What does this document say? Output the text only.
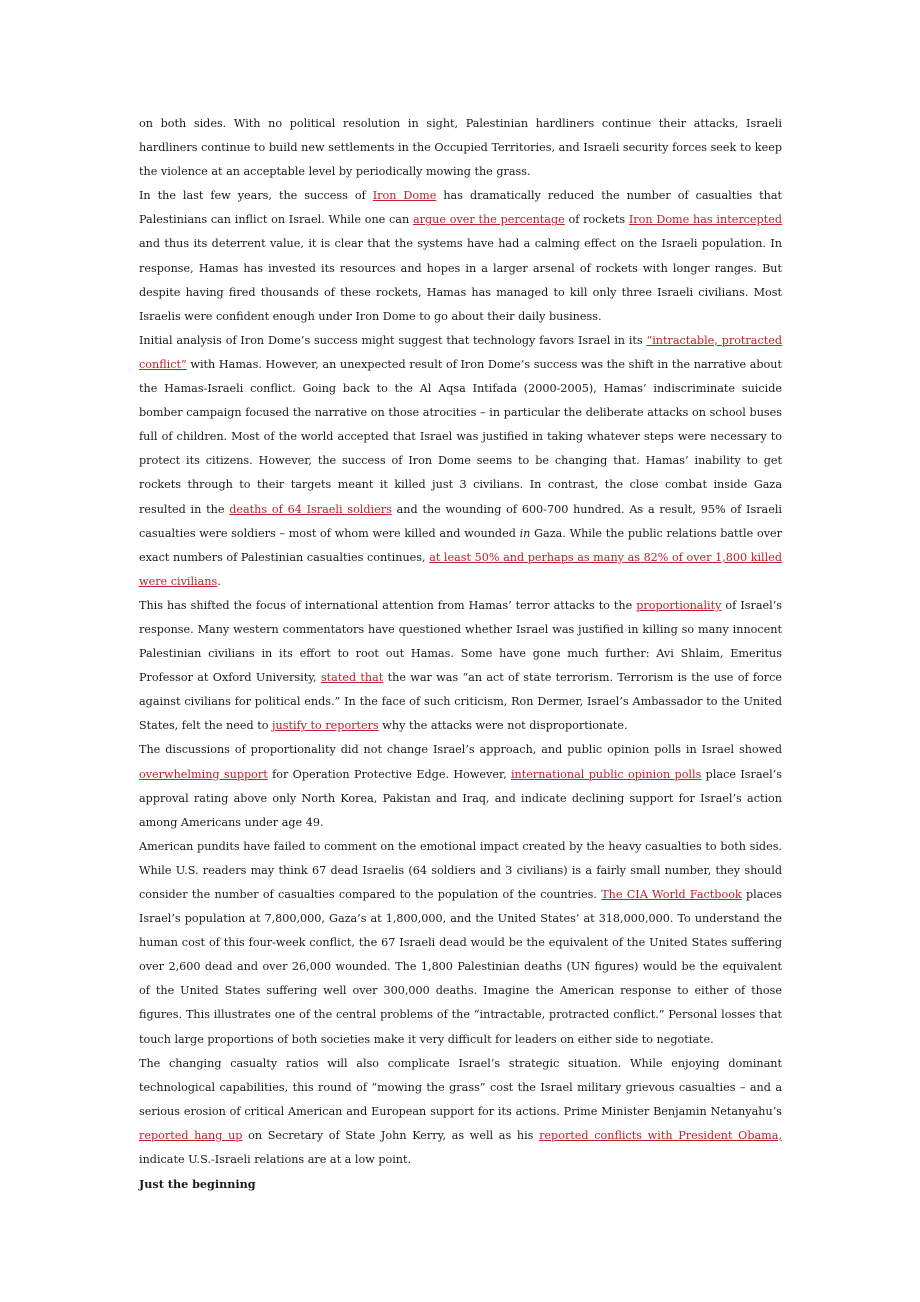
on both sides. With no political resolution in sight, Palestinian hardliners continue their attacks, Israeli hardliners continue to build new settlements in the Occupied Territories, and Israeli security forces seek to keep the violence at an acceptable level by periodically mowing the grass.

In the last few years, the success of Iron Dome has dramatically reduced the number of casualties that Palestinians can inflict on Israel. While one can argue over the percentage of rockets Iron Dome has intercepted and thus its deterrent value, it is clear that the systems have had a calming effect on the Israeli population. In response, Hamas has invested its resources and hopes in a larger arsenal of rockets with longer ranges. But despite having fired thousands of these rockets, Hamas has managed to kill only three Israeli civilians. Most Israelis were confident enough under Iron Dome to go about their daily business.

Initial analysis of Iron Dome’s success might suggest that technology favors Israel in its “intractable, protracted conflict” with Hamas. However, an unexpected result of Iron Dome’s success was the shift in the narrative about the Hamas-Israeli conflict. Going back to the Al Aqsa Intifada (2000-2005), Hamas’ indiscriminate suicide bomber campaign focused the narrative on those atrocities – in particular the deliberate attacks on school buses full of children. Most of the world accepted that Israel was justified in taking whatever steps were necessary to protect its citizens. However, the success of Iron Dome seems to be changing that. Hamas’ inability to get rockets through to their targets meant it killed just 3 civilians. In contrast, the close combat inside Gaza resulted in the deaths of 64 Israeli soldiers and the wounding of 600-700 hundred. As a result, 95% of Israeli casualties were soldiers – most of whom were killed and wounded in Gaza. While the public relations battle over exact numbers of Palestinian casualties continues, at least 50% and perhaps as many as 82% of over 1,800 killed were civilians.

This has shifted the focus of international attention from Hamas’ terror attacks to the proportionality of Israel’s response. Many western commentators have questioned whether Israel was justified in killing so many innocent Palestinian civilians in its effort to root out Hamas. Some have gone much further: Avi Shlaim, Emeritus Professor at Oxford University, stated that the war was “an act of state terrorism. Terrorism is the use of force against civilians for political ends.” In the face of such criticism, Ron Dermer, Israel’s Ambassador to the United States, felt the need to justify to reporters why the attacks were not disproportionate.

The discussions of proportionality did not change Israel’s approach, and public opinion polls in Israel showed overwhelming support for Operation Protective Edge. However, international public opinion polls place Israel’s approval rating above only North Korea, Pakistan and Iraq, and indicate declining support for Israel’s action among Americans under age 49.

American pundits have failed to comment on the emotional impact created by the heavy casualties to both sides. While U.S. readers may think 67 dead Israelis (64 soldiers and 3 civilians) is a fairly small number, they should consider the number of casualties compared to the population of the countries. The CIA World Factbook places Israel’s population at 7,800,000, Gaza’s at 1,800,000, and the United States’ at 318,000,000. To understand the human cost of this four-week conflict, the 67 Israeli dead would be the equivalent of the United States suffering over 2,600 dead and over 26,000 wounded. The 1,800 Palestinian deaths (UN figures) would be the equivalent of the United States suffering well over 300,000 deaths. Imagine the American response to either of those figures. This illustrates one of the central problems of the “intractable, protracted conflict.” Personal losses that touch large proportions of both societies make it very difficult for leaders on either side to negotiate.

The changing casualty ratios will also complicate Israel’s strategic situation. While enjoying dominant technological capabilities, this round of “mowing the grass” cost the Israel military grievous casualties – and a serious erosion of critical American and European support for its actions. Prime Minister Benjamin Netanyahu’s reported hang up on Secretary of State John Kerry, as well as his reported conflicts with President Obama, indicate U.S.-Israeli relations are at a low point.

Just the beginning
